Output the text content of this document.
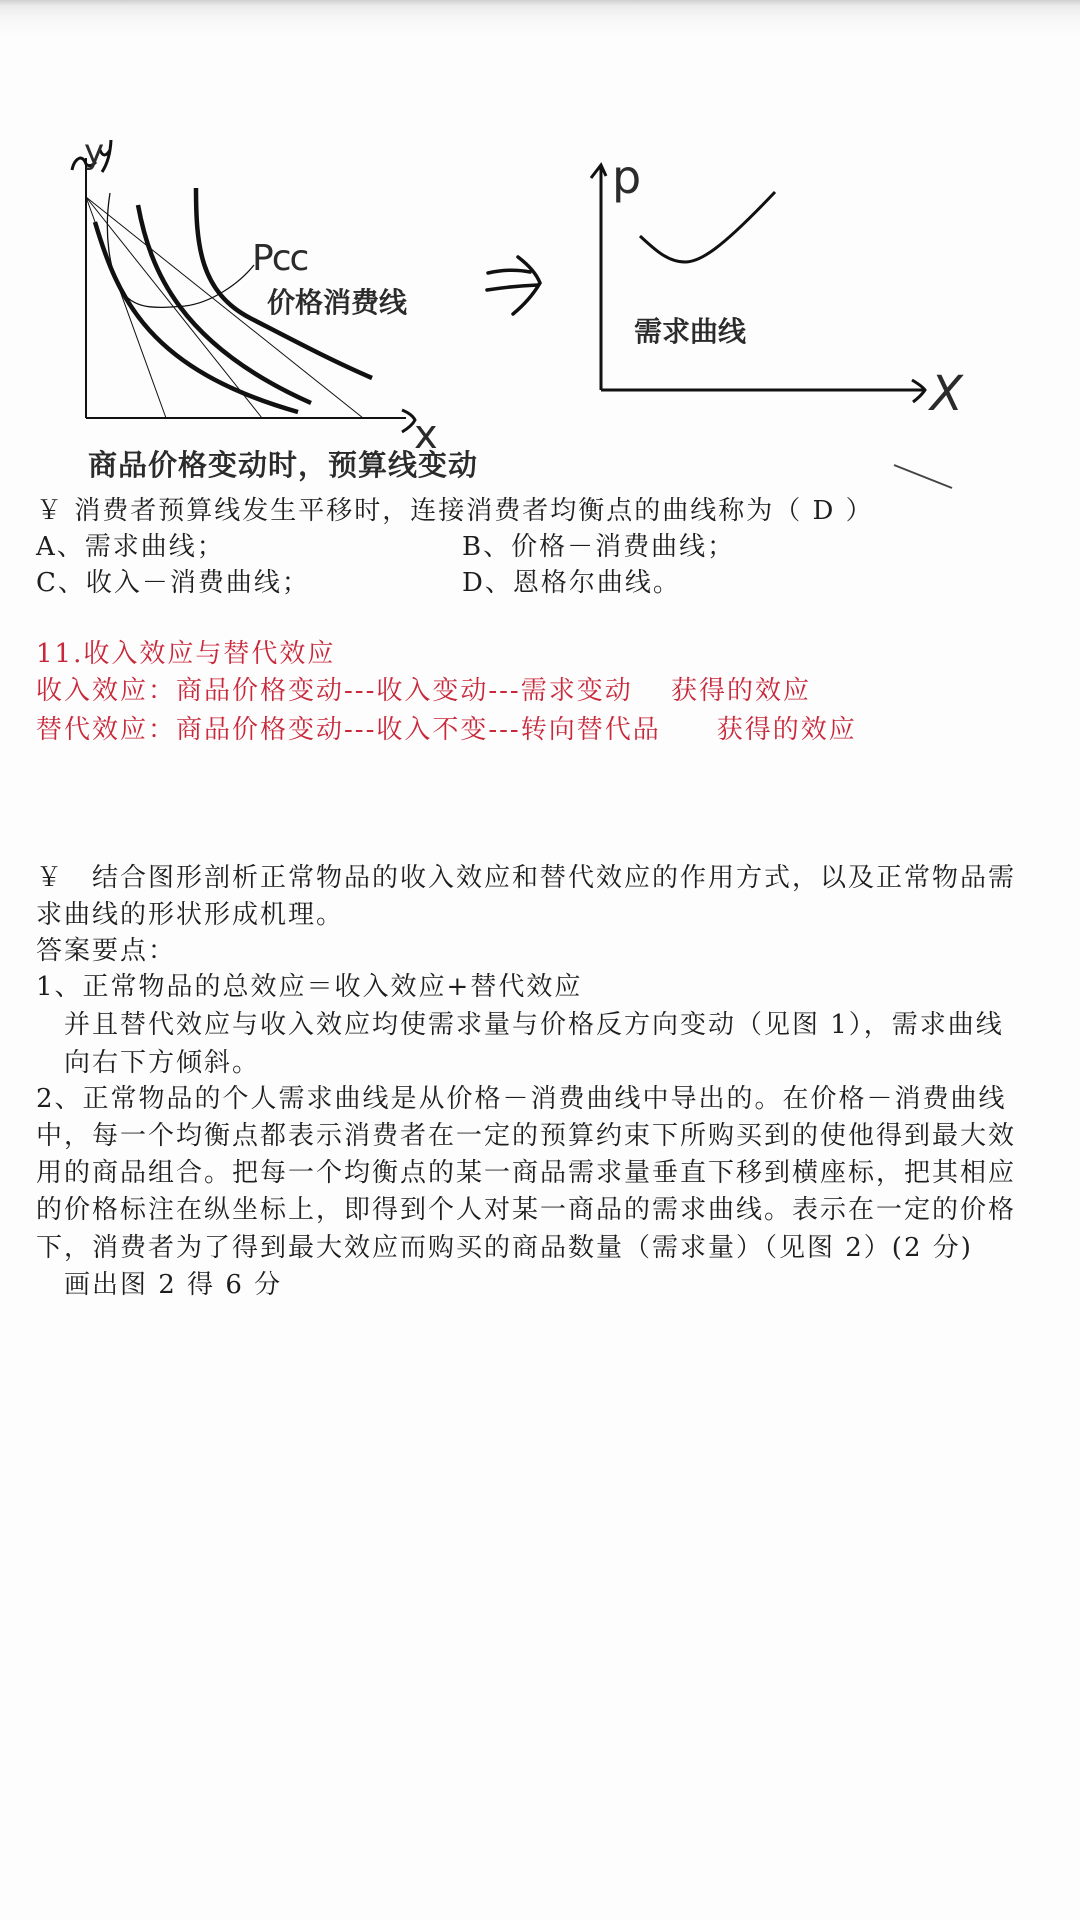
y
x
Pcc
价格消费线
商品价格变动时，预算线变动
p
X
需求曲线
￥ 消费者预算线发生平移时，连接消费者均衡点的曲线称为（ D ）
A、需求曲线；	B、价格－消费曲线；
C、收入－消费曲线；	D、恩格尔曲线。
11.收入效应与替代效应
收入效应：商品价格变动---收入变动---需求变动　 获得的效应
替代效应：商品价格变动---收入不变---转向替代品　　获得的效应
￥　结合图形剖析正常物品的收入效应和替代效应的作用方式，以及正常物品需
求曲线的形状形成机理。
答案要点：
1、正常物品的总效应＝收入效应+替代效应
　并且替代效应与收入效应均使需求量与价格反方向变动（见图 1），需求曲线
　向右下方倾斜。
2、正常物品的个人需求曲线是从价格－消费曲线中导出的。在价格－消费曲线
中，每一个均衡点都表示消费者在一定的预算约束下所购买到的使他得到最大效
用的商品组合。把每一个均衡点的某一商品需求量垂直下移到横座标，把其相应
的价格标注在纵坐标上，即得到个人对某一商品的需求曲线。表示在一定的价格
下，消费者为了得到最大效应而购买的商品数量（需求量）（见图 2）(2 分)
　画出图 2 得 6 分
